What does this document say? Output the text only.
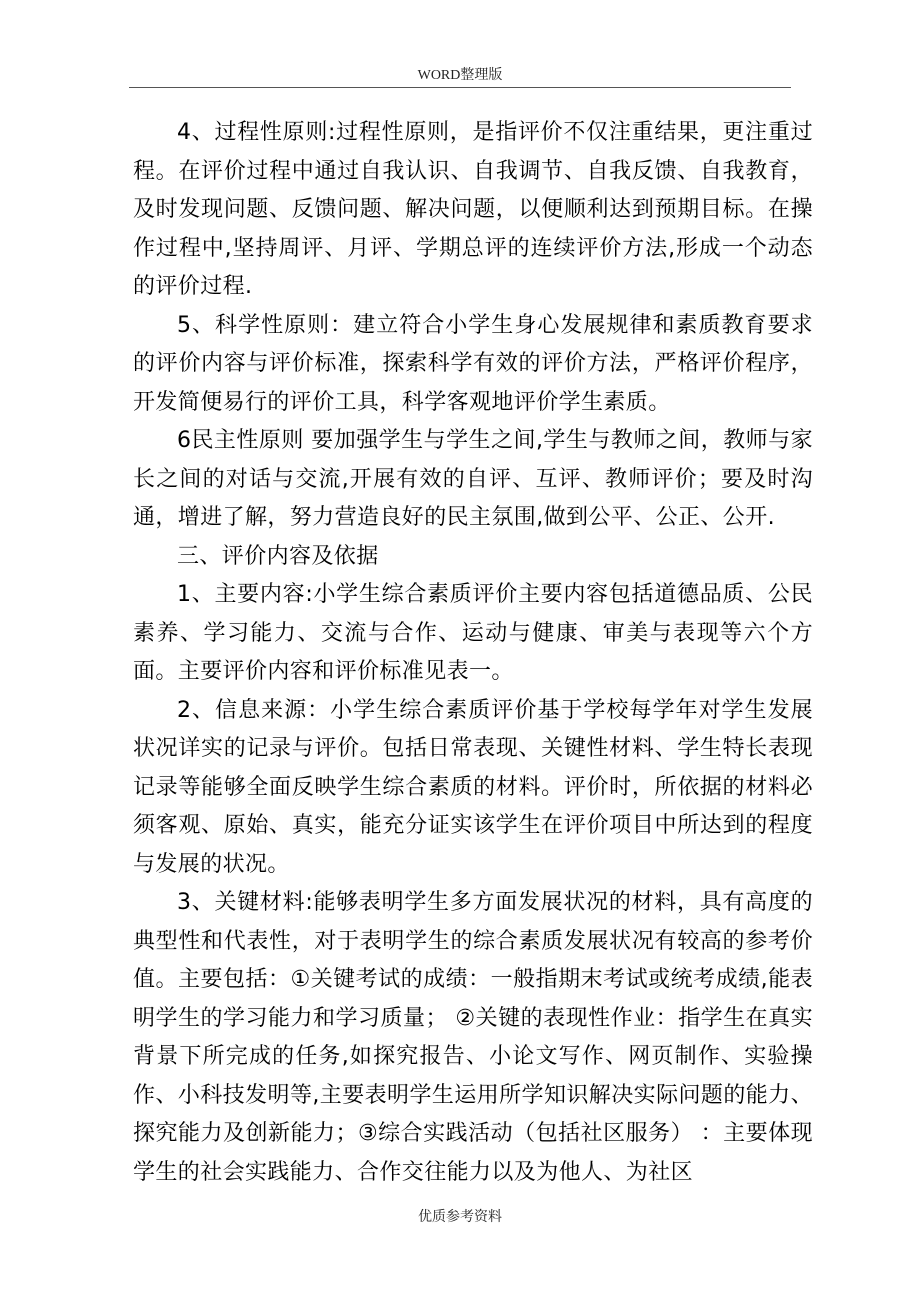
WORD整理版

4、过程性原则:过程性原则，是指评价不仅注重结果，更注重过程。在评价过程中通过自我认识、自我调节、自我反馈、自我教育，及时发现问题、反馈问题、解决问题，以便顺利达到预期目标。在操作过程中,坚持周评、月评、学期总评的连续评价方法,形成一个动态的评价过程.

5、科学性原则：建立符合小学生身心发展规律和素质教育要求的评价内容与评价标准，探索科学有效的评价方法，严格评价程序，开发简便易行的评价工具，科学客观地评价学生素质。

6民主性原则 要加强学生与学生之间,学生与教师之间，教师与家长之间的对话与交流,开展有效的自评、互评、教师评价；要及时沟通，增进了解，努力营造良好的民主氛围,做到公平、公正、公开.

三、评价内容及依据

1、主要内容:小学生综合素质评价主要内容包括道德品质、公民素养、学习能力、交流与合作、运动与健康、审美与表现等六个方面。主要评价内容和评价标准见表一。

2、信息来源：小学生综合素质评价基于学校每学年对学生发展状况详实的记录与评价。包括日常表现、关键性材料、学生特长表现记录等能够全面反映学生综合素质的材料。评价时，所依据的材料必须客观、原始、真实，能充分证实该学生在评价项目中所达到的程度与发展的状况。

3、关键材料:能够表明学生多方面发展状况的材料，具有高度的典型性和代表性，对于表明学生的综合素质发展状况有较高的参考价值。主要包括：①关键考试的成绩：一般指期末考试或统考成绩,能表明学生的学习能力和学习质量； ②关键的表现性作业：指学生在真实背景下所完成的任务,如探究报告、小论文写作、网页制作、实验操作、小科技发明等,主要表明学生运用所学知识解决实际问题的能力、探究能力及创新能力；③综合实践活动（包括社区服务） ：主要体现学生的社会实践能力、合作交往能力以及为他人、为社区

优质参考资料
